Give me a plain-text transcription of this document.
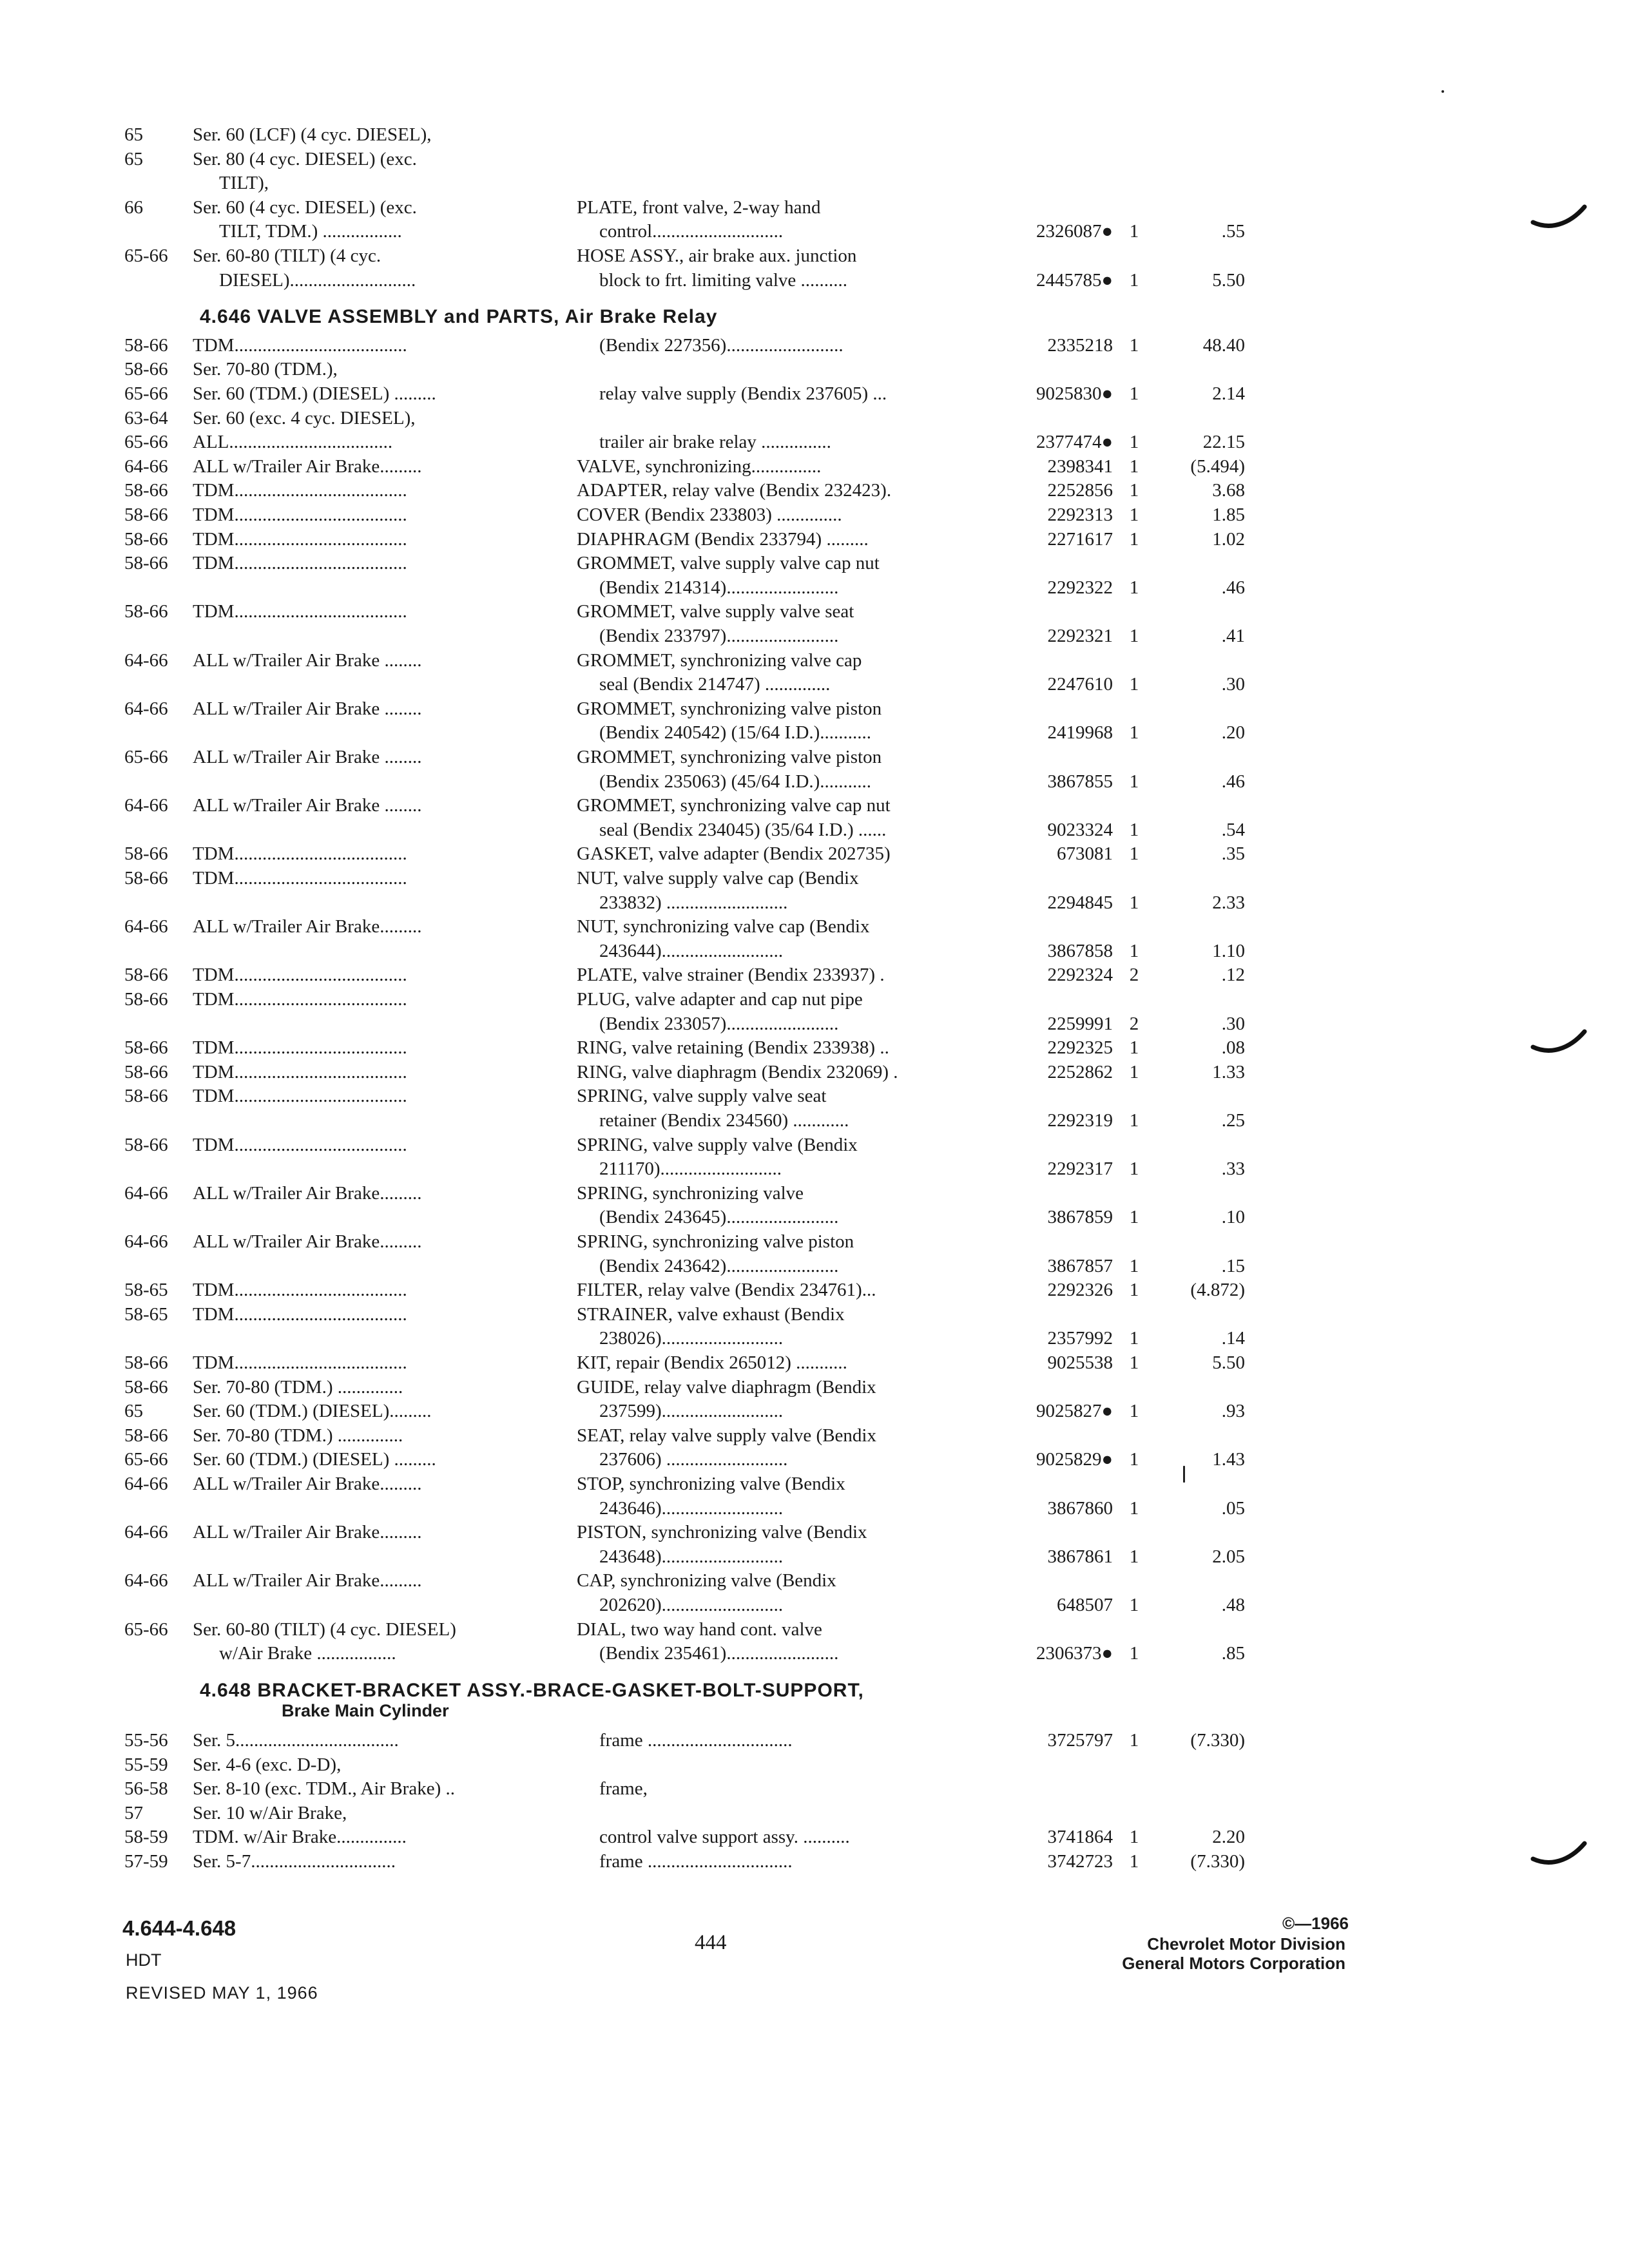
65	Ser. 60 (LCF) (4 cyc. DIESEL),
65	Ser. 80 (4 cyc. DIESEL) (exc.
TILT),
66	Ser. 60 (4 cyc. DIESEL) (exc.	PLATE, front valve, 2-way hand
TILT, TDM.) .................	control............................	2326087● 1	.55
65-66 Ser. 60-80 (TILT) (4 cyc.	HOSE ASSY., air brake aux. junction
DIESEL)...........................	block to frt. limiting valve ..........	2445785● 1	5.50
4.646 VALVE ASSEMBLY and PARTS, Air Brake Relay
58-66 TDM.....................................	(Bendix 227356).........................	2335218 1	48.40
58-66 Ser. 70-80 (TDM.),
65-66 Ser. 60 (TDM.) (DIESEL) .........	relay valve supply (Bendix 237605) ...	9025830● 1	2.14
63-64 Ser. 60 (exc. 4 cyc. DIESEL),
65-66 ALL...................................	trailer air brake relay ...............	2377474● 1	22.15
64-66 ALL w/Trailer Air Brake.........	VALVE, synchronizing...............	2398341 1	(5.494)
58-66 TDM.....................................	ADAPTER, relay valve (Bendix 232423).	2252856 1	3.68
58-66 TDM.....................................	COVER (Bendix 233803) ..............	2292313 1	1.85
58-66 TDM.....................................	DIAPHRAGM (Bendix 233794) .........	2271617 1	1.02
58-66 TDM.....................................	GROMMET, valve supply valve cap nut
(Bendix 214314)........................	2292322 1	.46
58-66 TDM.....................................	GROMMET, valve supply valve seat
(Bendix 233797)........................	2292321 1	.41
64-66 ALL w/Trailer Air Brake ........	GROMMET, synchronizing valve cap
seal (Bendix 214747) ..............	2247610 1	.30
64-66 ALL w/Trailer Air Brake ........	GROMMET, synchronizing valve piston
(Bendix 240542) (15/64 I.D.)...........	2419968 1	.20
65-66 ALL w/Trailer Air Brake ........	GROMMET, synchronizing valve piston
(Bendix 235063) (45/64 I.D.)...........	3867855 1	.46
64-66 ALL w/Trailer Air Brake ........	GROMMET, synchronizing valve cap nut
seal (Bendix 234045) (35/64 I.D.) ......	9023324 1	.54
58-66 TDM.....................................	GASKET, valve adapter (Bendix 202735)	673081 1	.35
58-66 TDM.....................................	NUT, valve supply valve cap (Bendix
233832) ..........................	2294845 1	2.33
64-66 ALL w/Trailer Air Brake.........	NUT, synchronizing valve cap (Bendix
243644)..........................	3867858 1	1.10
58-66 TDM.....................................	PLATE, valve strainer (Bendix 233937) .	2292324 2	.12
58-66 TDM.....................................	PLUG, valve adapter and cap nut pipe
(Bendix 233057)........................	2259991 2	.30
58-66 TDM.....................................	RING, valve retaining (Bendix 233938) ..	2292325 1	.08
58-66 TDM.....................................	RING, valve diaphragm (Bendix 232069) .	2252862 1	1.33
58-66 TDM.....................................	SPRING, valve supply valve seat
retainer (Bendix 234560) ............	2292319 1	.25
58-66 TDM.....................................	SPRING, valve supply valve (Bendix
211170)..........................	2292317 1	.33
64-66 ALL w/Trailer Air Brake.........	SPRING, synchronizing valve
(Bendix 243645)........................	3867859 1	.10
64-66 ALL w/Trailer Air Brake.........	SPRING, synchronizing valve piston
(Bendix 243642)........................	3867857 1	.15
58-65 TDM.....................................	FILTER, relay valve (Bendix 234761)...	2292326 1	(4.872)
58-65 TDM.....................................	STRAINER, valve exhaust (Bendix
238026)..........................	2357992 1	.14
58-66 TDM.....................................	KIT, repair (Bendix 265012) ...........	9025538 1	5.50
58-66 Ser. 70-80 (TDM.) ..............	GUIDE, relay valve diaphragm (Bendix
65	Ser. 60 (TDM.) (DIESEL).........	237599)..........................	9025827● 1	.93
58-66 Ser. 70-80 (TDM.) ..............	SEAT, relay valve supply valve (Bendix
65-66 Ser. 60 (TDM.) (DIESEL) .........	237606) ..........................	9025829● 1	1.43
64-66 ALL w/Trailer Air Brake.........	STOP, synchronizing valve (Bendix
243646)..........................	3867860 1	.05
64-66 ALL w/Trailer Air Brake.........	PISTON, synchronizing valve (Bendix
243648)..........................	3867861 1	2.05
64-66 ALL w/Trailer Air Brake.........	CAP, synchronizing valve (Bendix
202620)..........................	648507 1	.48
65-66 Ser. 60-80 (TILT) (4 cyc. DIESEL)	DIAL, two way hand cont. valve
w/Air Brake .................	(Bendix 235461)........................	2306373● 1	.85
4.648 BRACKET-BRACKET ASSY.-BRACE-GASKET-BOLT-SUPPORT,
Brake Main Cylinder
55-56 Ser. 5...................................	frame ...............................	3725797 1	(7.330)
55-59 Ser. 4-6 (exc. D-D),
56-58 Ser. 8-10 (exc. TDM., Air Brake) ..	frame,
57	Ser. 10 w/Air Brake,
58-59 TDM. w/Air Brake...............	control valve support assy. ..........	3741864 1	2.20
57-59 Ser. 5-7...............................	frame ...............................	3742723 1	(7.330)
4.644-4.648
HDT
REVISED MAY 1, 1966
444
©—1966
Chevrolet Motor Division
General Motors Corporation
